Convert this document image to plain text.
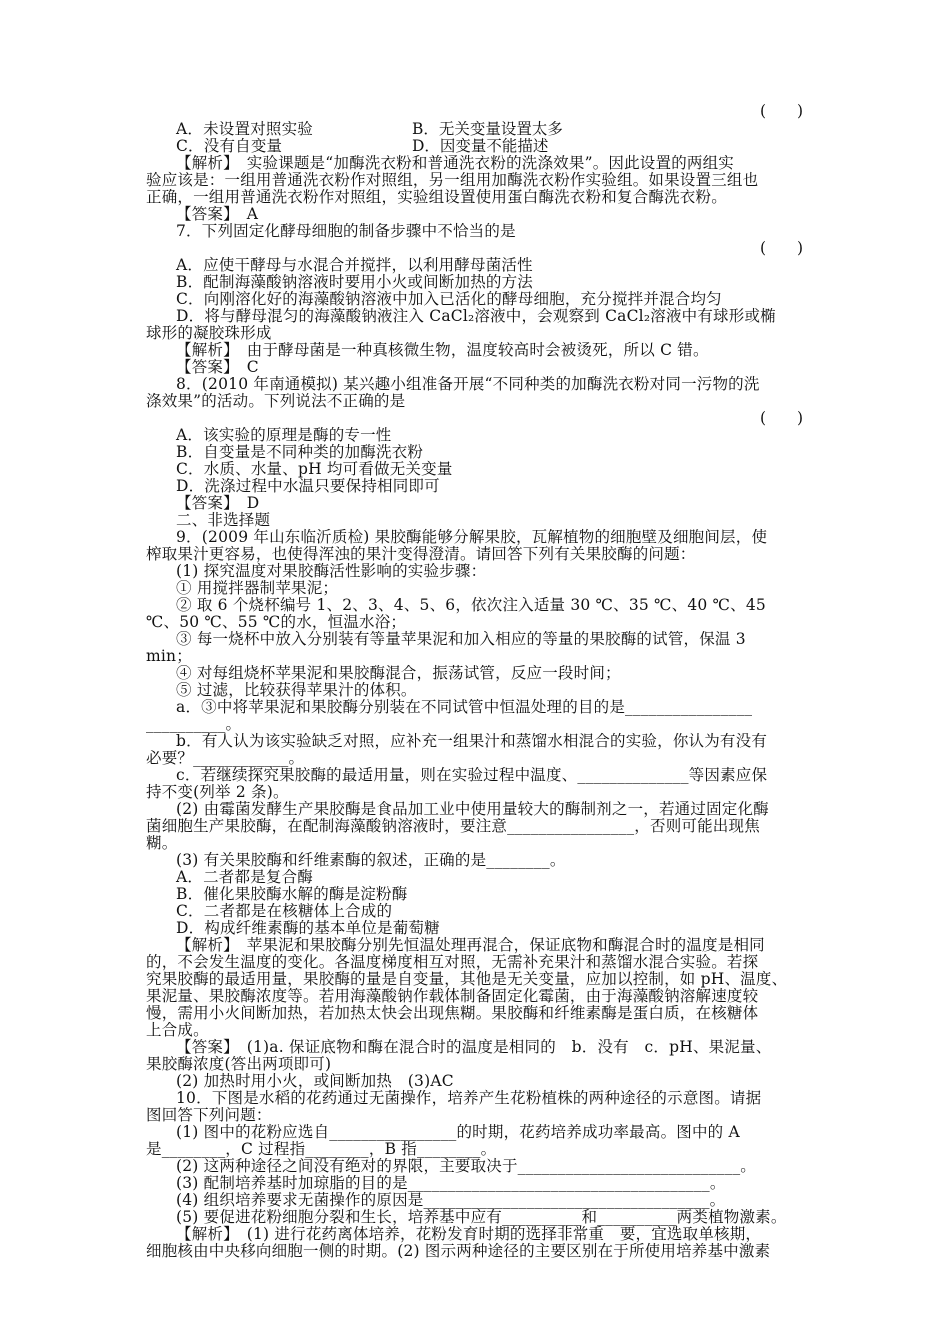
(　　)
A．未设置对照实验	B．无关变量设置太多
C．没有自变量	D．因变量不能描述
【解析】　实验课题是“加酶洗衣粉和普通洗衣粉的洗涤效果”。因此设置的两组实
验应该是：一组用普通洗衣粉作对照组，另一组用加酶洗衣粉作实验组。如果设置三组也
正确，一组用普通洗衣粉作对照组，实验组设置使用蛋白酶洗衣粉和复合酶洗衣粉。
【答案】　A
7．下列固定化酵母细胞的制备步骤中不恰当的是
(　　)
A．应使干酵母与水混合并搅拌，以利用酵母菌活性
B．配制海藻酸钠溶液时要用小火或间断加热的方法
C．向刚溶化好的海藻酸钠溶液中加入已活化的酵母细胞，充分搅拌并混合均匀
D．将与酵母混匀的海藻酸钠液注入 CaCl₂溶液中，会观察到 CaCl₂溶液中有球形或椭
球形的凝胶珠形成
【解析】　由于酵母菌是一种真核微生物，温度较高时会被烫死，所以 C 错。
【答案】　C
8．(2010 年南通模拟) 某兴趣小组准备开展“不同种类的加酶洗衣粉对同一污物的洗
涤效果”的活动。下列说法不正确的是
(　　)
A．该实验的原理是酶的专一性
B．自变量是不同种类的加酶洗衣粉
C．水质、水量、pH 均可看做无关变量
D．洗涤过程中水温只要保持相同即可
【答案】　D
二、非选择题
9．(2009 年山东临沂质检) 果胶酶能够分解果胶，瓦解植物的细胞壁及细胞间层，使
榨取果汁更容易，也使得浑浊的果汁变得澄清。请回答下列有关果胶酶的问题：
(1) 探究温度对果胶酶活性影响的实验步骤：
① 用搅拌器制苹果泥；
② 取 6 个烧杯编号 1、2、3、4、5、6，依次注入适量 30 ℃、35 ℃、40 ℃、45
℃、50 ℃、55 ℃的水，恒温水浴；
③ 每一烧杯中放入分别装有等量苹果泥和加入相应的等量的果胶酶的试管，保温 3
min；
④ 对每组烧杯苹果泥和果胶酶混合，振荡试管，反应一段时间；
⑤ 过滤，比较获得苹果汁的体积。
a．③中将苹果泥和果胶酶分别装在不同试管中恒温处理的目的是________________
__________。
b．有人认为该实验缺乏对照，应补充一组果汁和蒸馏水相混合的实验，你认为有没有
必要？____________。
c．若继续探究果胶酶的最适用量，则在实验过程中温度、______________等因素应保
持不变(列举 2 条)。
(2) 由霉菌发酵生产果胶酶是食品加工业中使用量较大的酶制剂之一，若通过固定化酶
菌细胞生产果胶酶，在配制海藻酸钠溶液时，要注意________________，否则可能出现焦
糊。
(3) 有关果胶酶和纤维素酶的叙述，正确的是________。
A．二者都是复合酶
B．催化果胶酶水解的酶是淀粉酶
C．二者都是在核糖体上合成的
D．构成纤维素酶的基本单位是葡萄糖
【解析】　苹果泥和果胶酶分别先恒温处理再混合，保证底物和酶混合时的温度是相同
的，不会发生温度的变化。各温度梯度相互对照，无需补充果汁和蒸馏水混合实验。若探
究果胶酶的最适用量，果胶酶的量是自变量，其他是无关变量，应加以控制，如 pH、温度、
果泥量、果胶酶浓度等。若用海藻酸钠作载体制备固定化霉菌，由于海藻酸钠溶解速度较
慢，需用小火间断加热，若加热太快会出现焦糊。果胶酶和纤维素酶是蛋白质，在核糖体
上合成。
【答案】　(1)a. 保证底物和酶在混合时的温度是相同的　b．没有　c．pH、果泥量、
果胶酶浓度(答出两项即可)
(2) 加热时用小火，或间断加热　(3)AC
10．下图是水稻的花药通过无菌操作，培养产生花粉植株的两种途径的示意图。请据
图回答下列问题：
(1) 图中的花粉应选自________________的时期，花药培养成功率最高。图中的 A
是________，C 过程指________，B 指________。
(2) 这两种途径之间没有绝对的界限，主要取决于____________________________。
(3) 配制培养基时加琼脂的目的是______________________________________。
(4) 组织培养要求无菌操作的原因是____________________________________。
(5) 要促进花粉细胞分裂和生长，培养基中应有__________和__________两类植物激素。
【解析】　(1) 进行花药离体培养，花粉发育时期的选择非常重　要，宜选取单核期，
细胞核由中央移向细胞一侧的时期。(2) 图示两种途径的主要区别在于所使用培养基中激素
